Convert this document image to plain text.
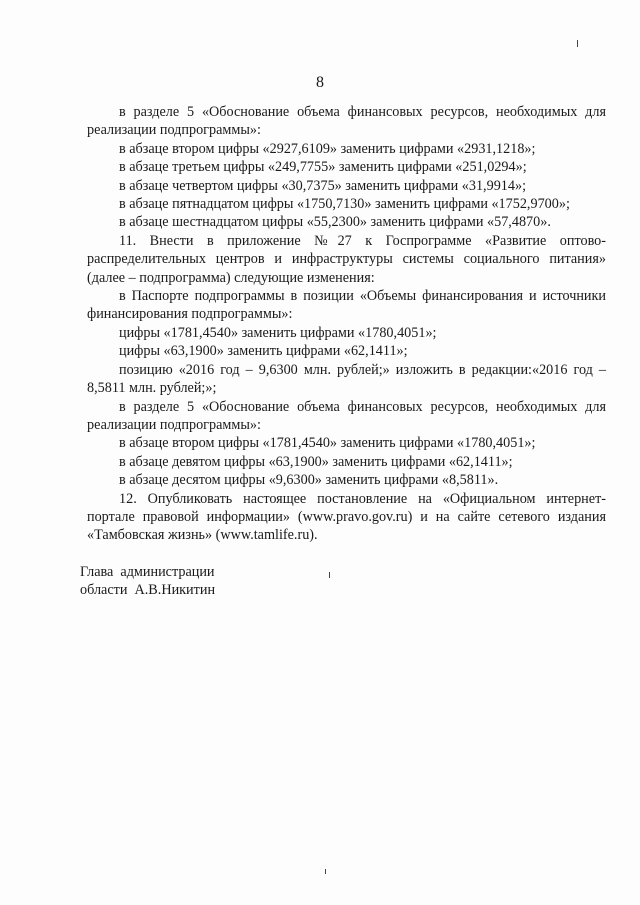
8

в разделе 5 «Обоснование объема финансовых ресурсов, необходимых для реализации подпрограммы»:

в абзаце втором цифры «2927,6109» заменить цифрами «2931,1218»;

в абзаце третьем цифры «249,7755» заменить цифрами «251,0294»;

в абзаце четвертом цифры «30,7375» заменить цифрами «31,9914»;

в абзаце пятнадцатом цифры «1750,7130» заменить цифрами «1752,9700»;

в абзаце шестнадцатом цифры «55,2300» заменить цифрами «57,4870».

11. Внести в приложение №27 к Госпрограмме «Развитие оптово-распределительных центров и инфраструктуры системы социального питания» (далее – подпрограмма) следующие изменения:

в Паспорте подпрограммы в позиции «Объемы финансирования и источники финансирования подпрограммы»:

цифры «1781,4540» заменить цифрами «1780,4051»;

цифры «63,1900» заменить цифрами «62,1411»;

позицию «2016 год – 9,6300 млн. рублей;» изложить в редакции:«2016 год – 8,5811 млн. рублей;»;

в разделе 5 «Обоснование объема финансовых ресурсов, необходимых для реализации подпрограммы»:

в абзаце втором цифры «1781,4540» заменить цифрами «1780,4051»;

в абзаце девятом цифры «63,1900» заменить цифрами «62,1411»;

в абзаце десятом цифры «9,6300» заменить цифрами «8,5811».

12. Опубликовать настоящее постановление на «Официальном интернет-портале правовой информации» (www.pravo.gov.ru) и на сайте сетевого издания «Тамбовская жизнь» (www.tamlife.ru).

Глава  администрации

области  А.В.Никитин
